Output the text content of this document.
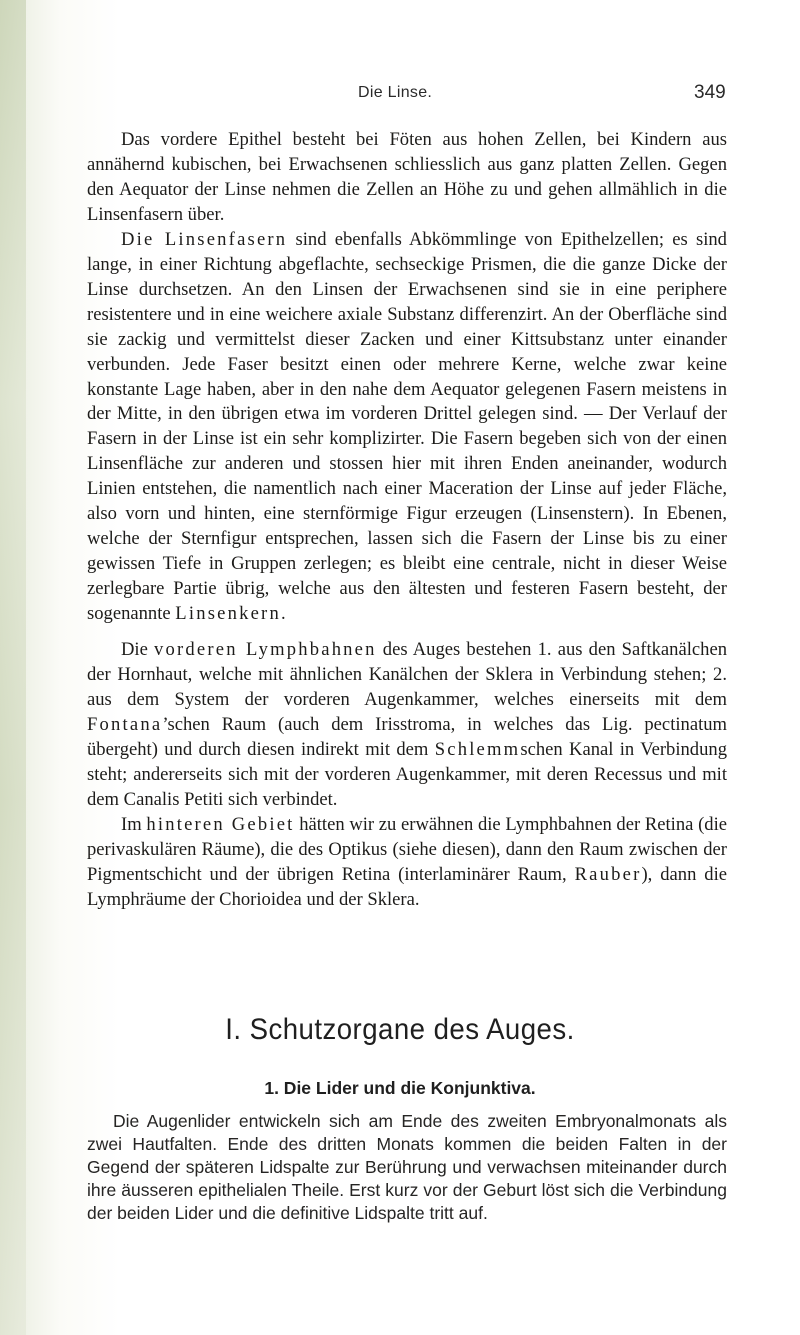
Die Linse.	349

Das vordere Epithel besteht bei Föten aus hohen Zellen, bei Kindern aus annähernd kubischen, bei Erwachsenen schliesslich aus ganz platten Zellen. Gegen den Aequator der Linse nehmen die Zellen an Höhe zu und gehen allmählich in die Linsenfasern über.

Die Linsenfasern sind ebenfalls Abkömmlinge von Epithelzellen; es sind lange, in einer Richtung abgeflachte, sechseckige Prismen, die die ganze Dicke der Linse durchsetzen. An den Linsen der Erwachsenen sind sie in eine periphere resistentere und in eine weichere axiale Substanz differenzirt. An der Oberfläche sind sie zackig und vermittelst dieser Zacken und einer Kittsubstanz unter einander verbunden. Jede Faser besitzt einen oder mehrere Kerne, welche zwar keine konstante Lage haben, aber in den nahe dem Aequator gelegenen Fasern meistens in der Mitte, in den übrigen etwa im vorderen Drittel gelegen sind. — Der Verlauf der Fasern in der Linse ist ein sehr komplizirter. Die Fasern begeben sich von der einen Linsenfläche zur anderen und stossen hier mit ihren Enden aneinander, wodurch Linien entstehen, die namentlich nach einer Maceration der Linse auf jeder Fläche, also vorn und hinten, eine sternförmige Figur erzeugen (Linsenstern). In Ebenen, welche der Sternfigur entsprechen, lassen sich die Fasern der Linse bis zu einer gewissen Tiefe in Gruppen zerlegen; es bleibt eine centrale, nicht in dieser Weise zerlegbare Partie übrig, welche aus den ältesten und festeren Fasern besteht, der sogenannte Linsenkern.

Die vorderen Lymphbahnen des Auges bestehen 1. aus den Saftkanälchen der Hornhaut, welche mit ähnlichen Kanälchen der Sklera in Verbindung stehen; 2. aus dem System der vorderen Augenkammer, welches einerseits mit dem Fontana’schen Raum (auch dem Irisstroma, in welches das Lig. pectinatum übergeht) und durch diesen indirekt mit dem Schlemmschen Kanal in Verbindung steht; andererseits sich mit der vorderen Augenkammer, mit deren Recessus und mit dem Canalis Petiti sich verbindet.

Im hinteren Gebiet hätten wir zu erwähnen die Lymphbahnen der Retina (die perivaskulären Räume), die des Optikus (siehe diesen), dann den Raum zwischen der Pigmentschicht und der übrigen Retina (interlaminärer Raum, Rauber), dann die Lymphräume der Chorioidea und der Sklera.

I. Schutzorgane des Auges.
1. Die Lider und die Konjunktiva.

Die Augenlider entwickeln sich am Ende des zweiten Embryonalmonats als zwei Hautfalten. Ende des dritten Monats kommen die beiden Falten in der Gegend der späteren Lidspalte zur Berührung und verwachsen miteinander durch ihre äusseren epithelialen Theile. Erst kurz vor der Geburt löst sich die Verbindung der beiden Lider und die definitive Lidspalte tritt auf.
